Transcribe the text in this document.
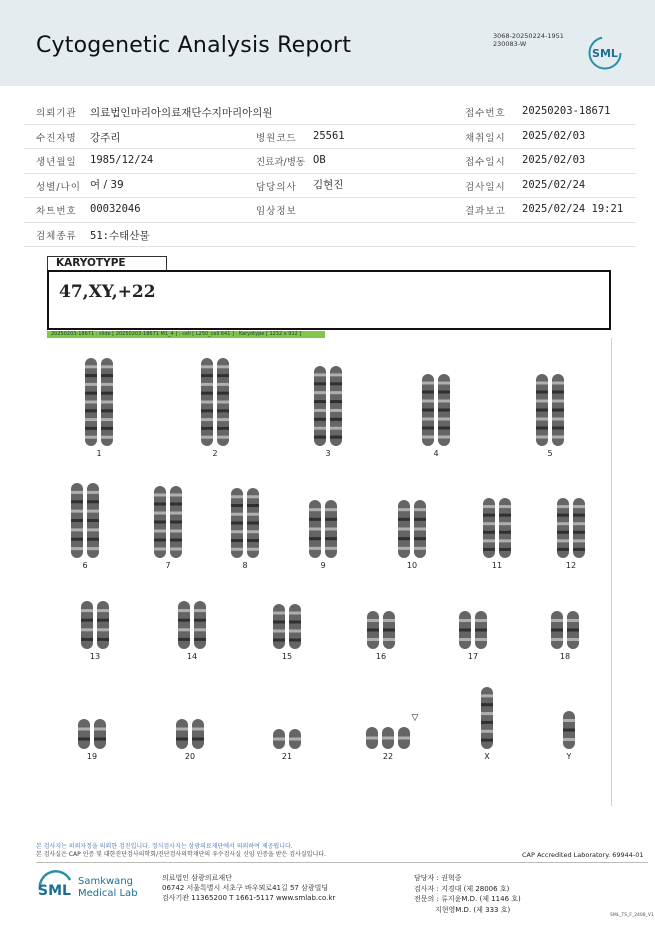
Cytogenetic Analysis Report	3068-20250224-1951
230083-W
SML
의뢰기관 의료법인마리아의료재단수지마리아의원	접수번호 20250203-18671
수진자명 강주리	병원코드 25561	채취일시 2025/02/03
생년월일 1985/12/24	진료과/병동 OB	접수일시 2025/02/03
성별/나이 여 / 39	담당의사 김현진	검사일시 2025/02/24
차트번호 00032046	임상정보	결과보고 2025/02/24 19:21
검체종류 51:수태산물
KARYOTYPE
47,XY,+22
20250203-18671 : slide [ 20250203-18671 M1_4 ] : cell [ L250_cell 641 ] : Karyotype [ 1232 x 912 ]
1	2	3	4	5
6	7	8	9	10	11	12
13	14	15	16	17	18
19	20	21	22	X	Y
▽
본 검사지는 의뢰자정을 의뢰한 검진입니다. 정식검사지는 삼광의료재단에서 의뢰하여 제공됩니다.
본 검사실은 CAP 인증 및 대한진단검사의학회/진단검사의학재단의 우수검사실 신임 인증을 받은 검사실입니다.	CAP Accredited Laboratory. 69944-01
SML
Samkwang
Medical Lab
의료법인 삼광의료재단
06742 서울특별시 서초구 바우뫼로41길 57 삼광빌딩
검사기관 11365200 T 1661-5117 www.smlab.co.kr
담당자 : 권혁중
검사자 : 지경대 (제 28006 호)
전문의 : 류지윤M.D. (제 1146 호)
지현영M.D. (제 333 호)
SML_TS_F_2408_V1
